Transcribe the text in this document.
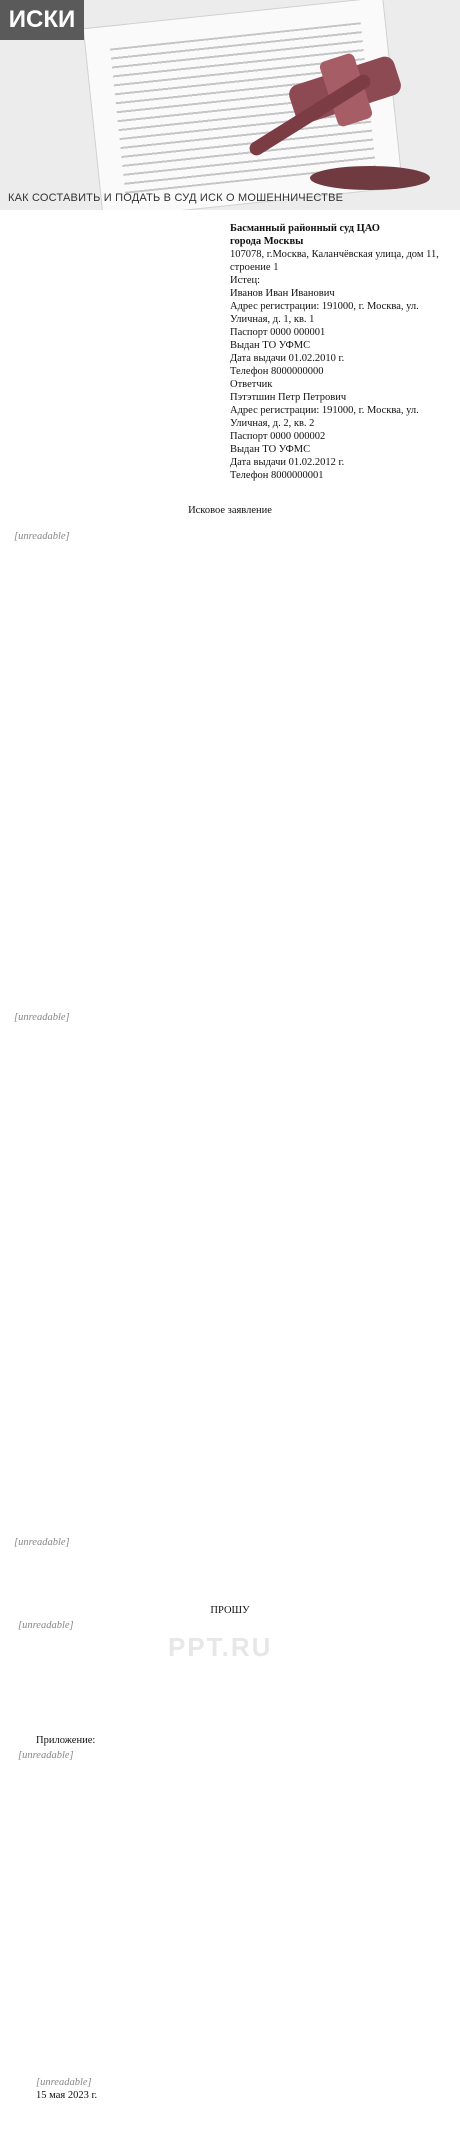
ИСКИ
КАК СОСТАВИТЬ И ПОДАТЬ В СУД ИСК О МОШЕННИЧЕСТВЕ
Басманный районный суд ЦАО
города Москвы
107078, г.Москва, Каланчёвская улица, дом 11, строение 1
Истец:
Иванов Иван Иванович
Адрес регистрации: 191000, г. Москва, ул. Уличная, д. 1, кв. 1
Паспорт 0000 000001
Выдан ТО УФМС
Дата выдачи 01.02.2010 г.
Телефон 8000000000
Ответчик
Пэтэтшин Петр Петрович
Адрес регистрации: 191000, г. Москва, ул. Уличная, д. 2, кв. 2
Паспорт 0000 000002
Выдан ТО УФМС
Дата выдачи 01.02.2012 г.
Телефон 8000000001
Исковое заявление
[unreadable]
[unreadable]
[unreadable]
ПРОШУ
[unreadable]
Приложение:
[unreadable]
PPT.RU
[unreadable]
15 мая 2023 г.
